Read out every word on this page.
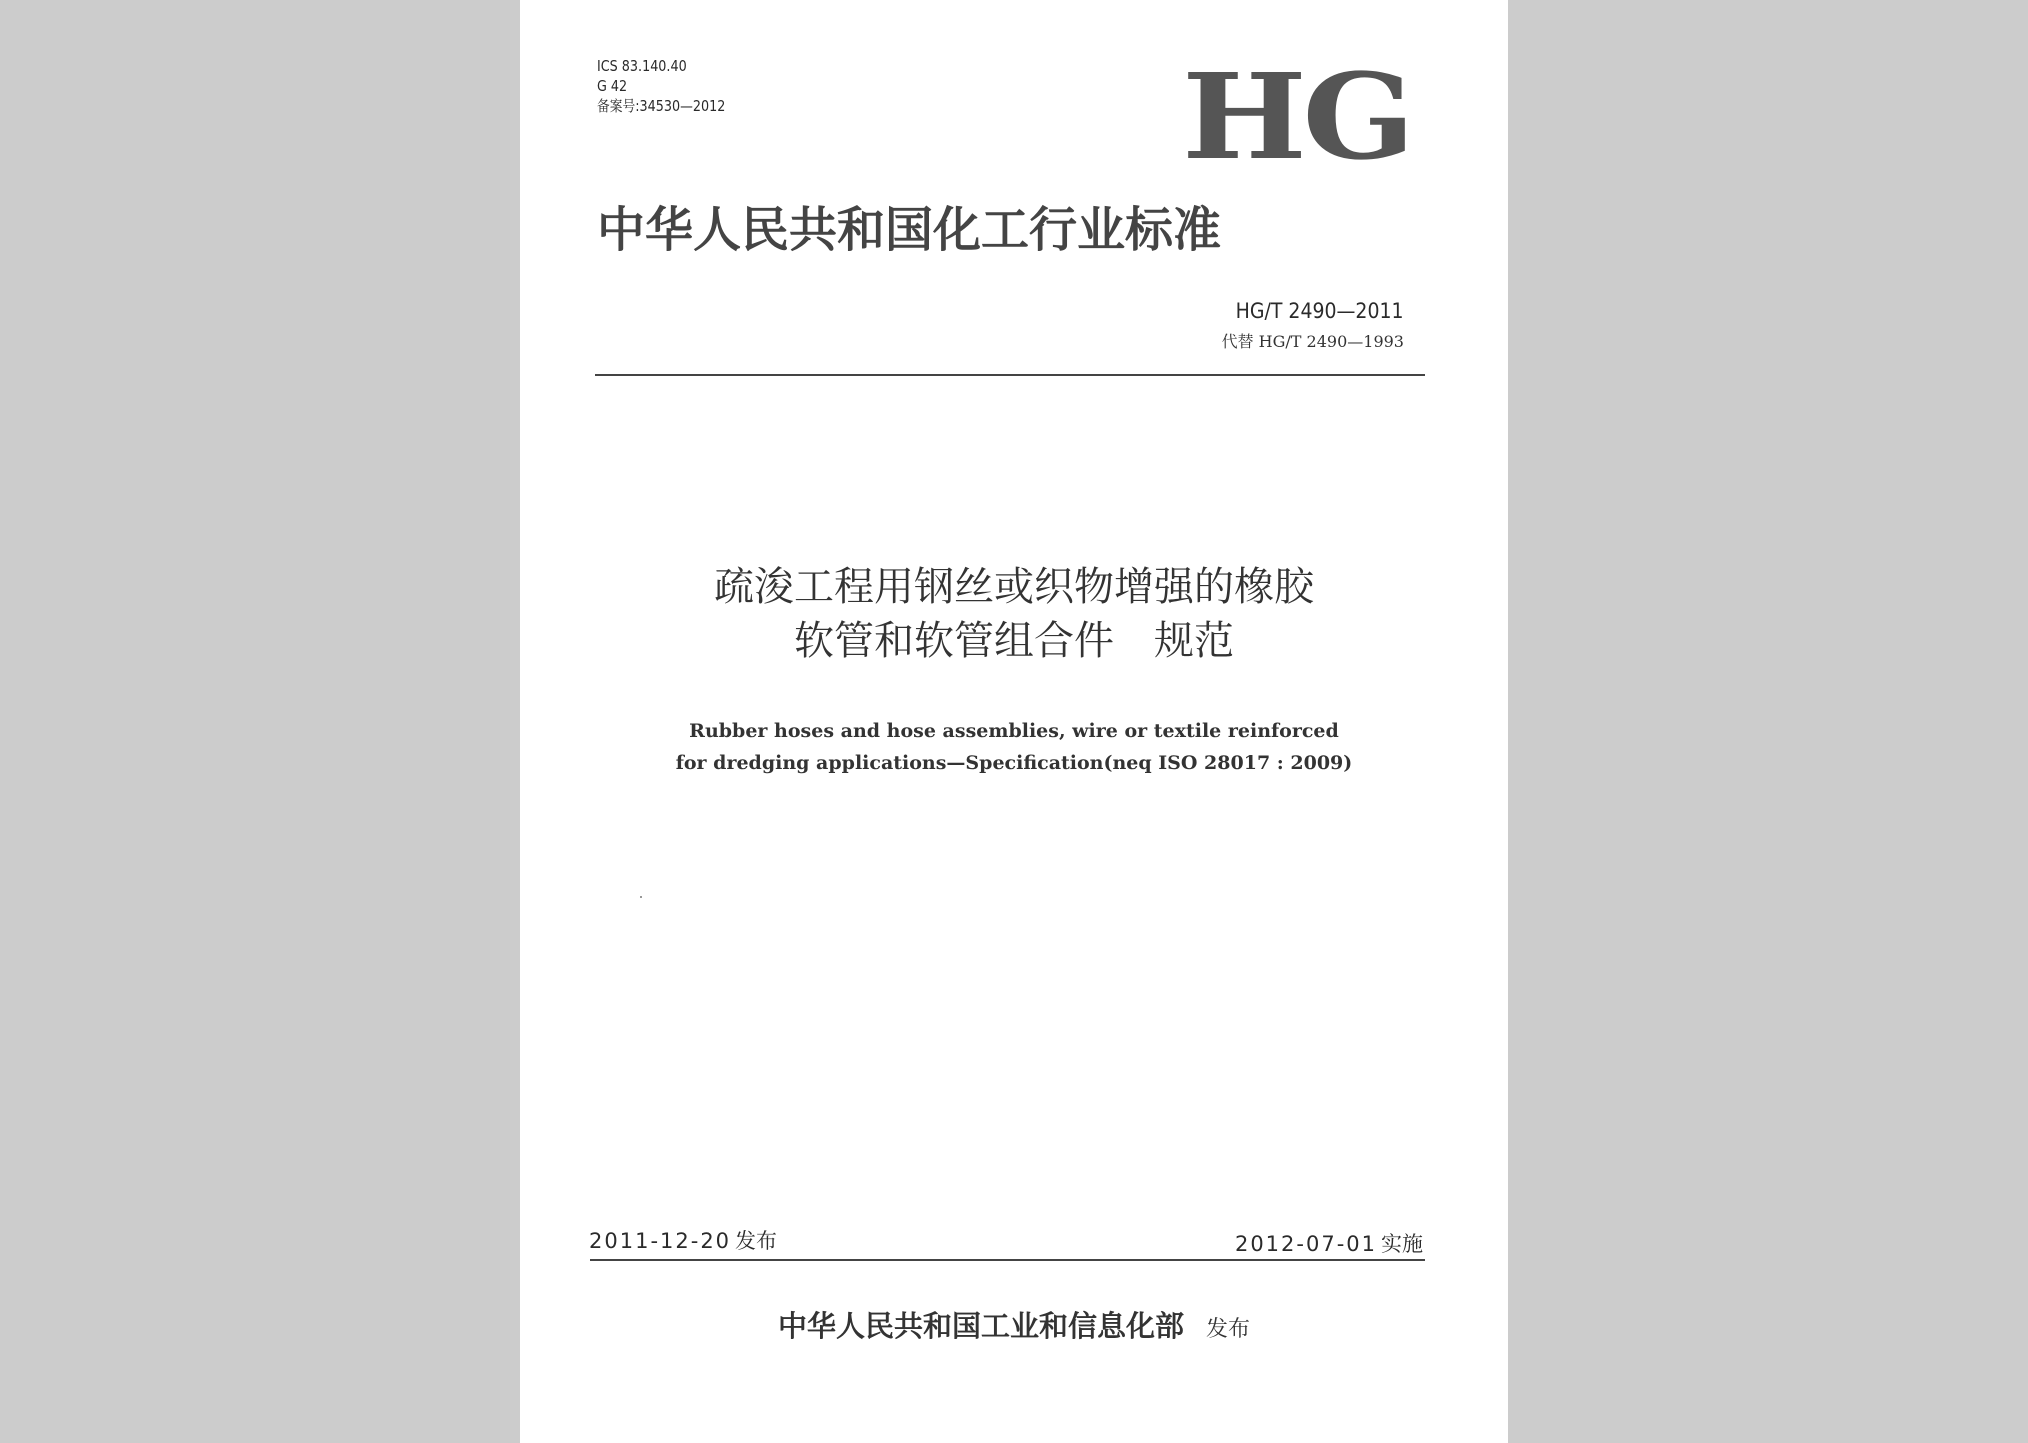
ICS 83.140.40
G 42
备案号:34530—2012	HG
中华人民共和国化工行业标准
HG/T 2490—2011
代替 HG/T 2490—1993
疏浚工程用钢丝或织物增强的橡胶
软管和软管组合件　规范
Rubber hoses and hose assemblies, wire or textile reinforced
for dredging applications—Specification(neq ISO 28017 : 2009)
2011-12-20 发布	2012-07-01 实施
中华人民共和国工业和信息化部 发布
